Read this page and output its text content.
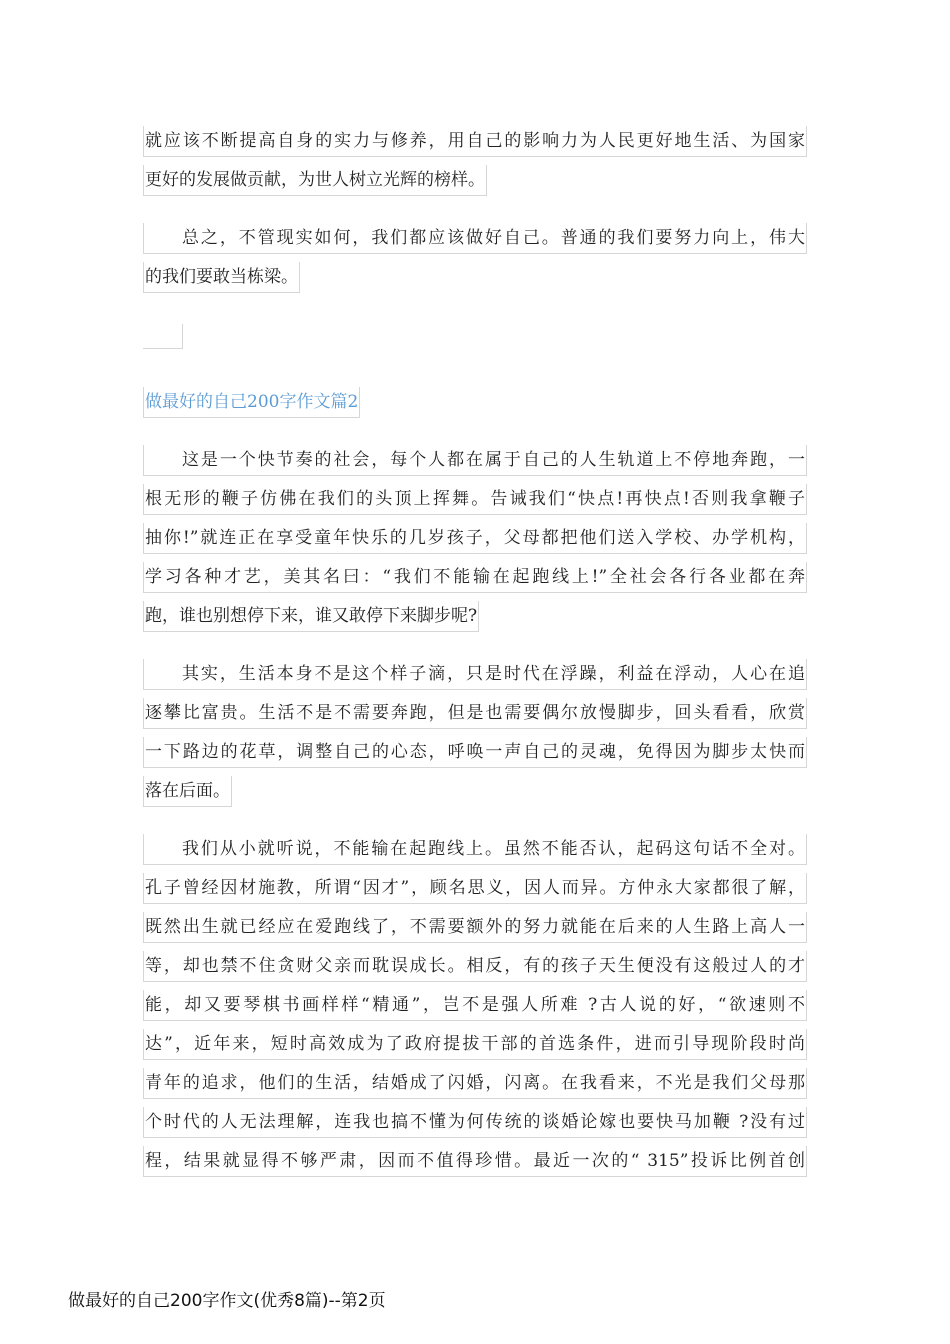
就应该不断提高自身的实力与修养，用自己的影响力为人民更好地生活、为国家
更好的发展做贡献，为世人树立光辉的榜样。
总之，不管现实如何，我们都应该做好自己。普通的我们要努力向上，伟大
的我们要敢当栋梁。
做最好的自己200字作文篇2
这是一个快节奏的社会，每个人都在属于自己的人生轨道上不停地奔跑，一
根无形的鞭子仿佛在我们的头顶上挥舞。告诫我们“快点!再快点!否则我拿鞭子
抽你!”就连正在享受童年快乐的几岁孩子，父母都把他们送入学校、办学机构，
学习各种才艺，美其名曰：“我们不能输在起跑线上!”全社会各行各业都在奔
跑，谁也别想停下来，谁又敢停下来脚步呢?
其实，生活本身不是这个样子滴，只是时代在浮躁，利益在浮动，人心在追
逐攀比富贵。生活不是不需要奔跑，但是也需要偶尔放慢脚步，回头看看，欣赏
一下路边的花草，调整自己的心态，呼唤一声自己的灵魂，免得因为脚步太快而
落在后面。
我们从小就听说，不能输在起跑线上。虽然不能否认，起码这句话不全对。
孔子曾经因材施教，所谓“因才”，顾名思义，因人而异。方仲永大家都很了解，
既然出生就已经应在爱跑线了，不需要额外的努力就能在后来的人生路上高人一
等，却也禁不住贪财父亲而耽误成长。相反，有的孩子天生便没有这般过人的才
能，却又要琴棋书画样样“精通”，岂不是强人所难 ?古人说的好，“欲速则不
达”，近年来，短时高效成为了政府提拔干部的首选条件，进而引导现阶段时尚
青年的追求，他们的生活，结婚成了闪婚，闪离。在我看来，不光是我们父母那
个时代的人无法理解，连我也搞不懂为何传统的谈婚论嫁也要快马加鞭 ?没有过
程，结果就显得不够严肃，因而不值得珍惜。最近一次的“ 315”投诉比例首创
做最好的自己200字作文(优秀8篇)--第2页
